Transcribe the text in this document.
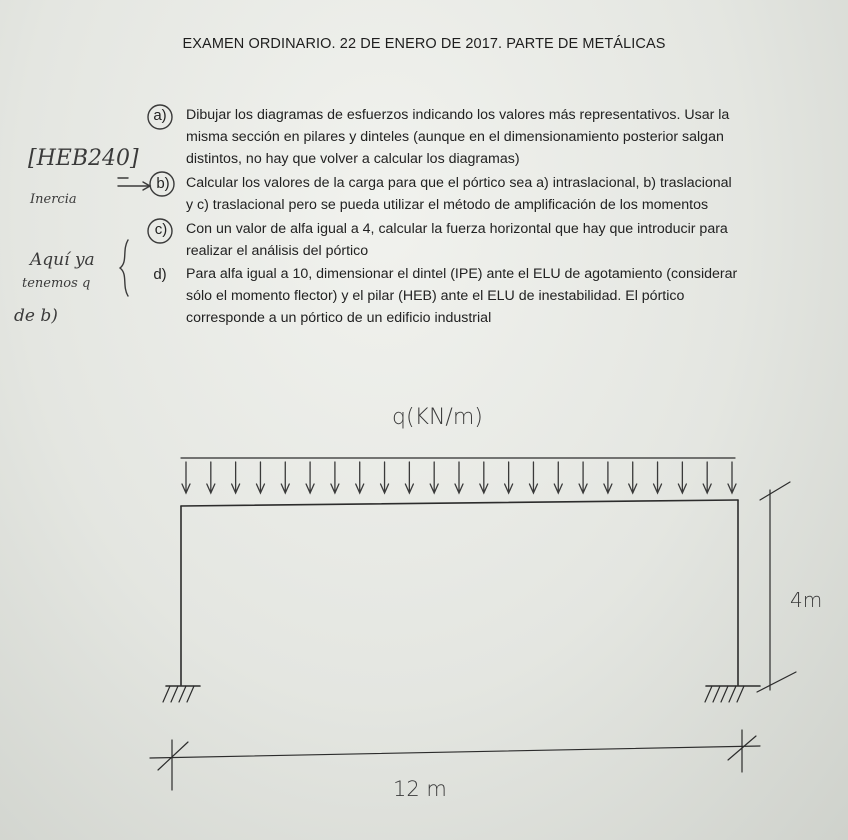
EXAMEN ORDINARIO. 22 DE ENERO DE 2017. PARTE DE METÁLICAS
a) Dibujar los diagramas de esfuerzos indicando los valores más representativos. Usar la
misma sección en pilares y dinteles (aunque en el dimensionamiento posterior salgan
distintos, no hay que volver a calcular los diagramas)
b) Calcular los valores de la carga para que el pórtico sea a) intraslacional, b) traslacional
y c) traslacional pero se pueda utilizar el método de amplificación de los momentos
c) Con un valor de alfa igual a 4, calcular la fuerza horizontal que hay que introducir para
realizar el análisis del pórtico
d) Para alfa igual a 10, dimensionar el dintel (IPE) ante el ELU de agotamiento (considerar
sólo el momento flector) y el pilar (HEB) ante el ELU de inestabilidad. El pórtico
corresponde a un pórtico de un edificio industrial
[HEB240]
Inercia
Aquí ya
tenemos q
de b)
q(KN/m)
4m
12 m
